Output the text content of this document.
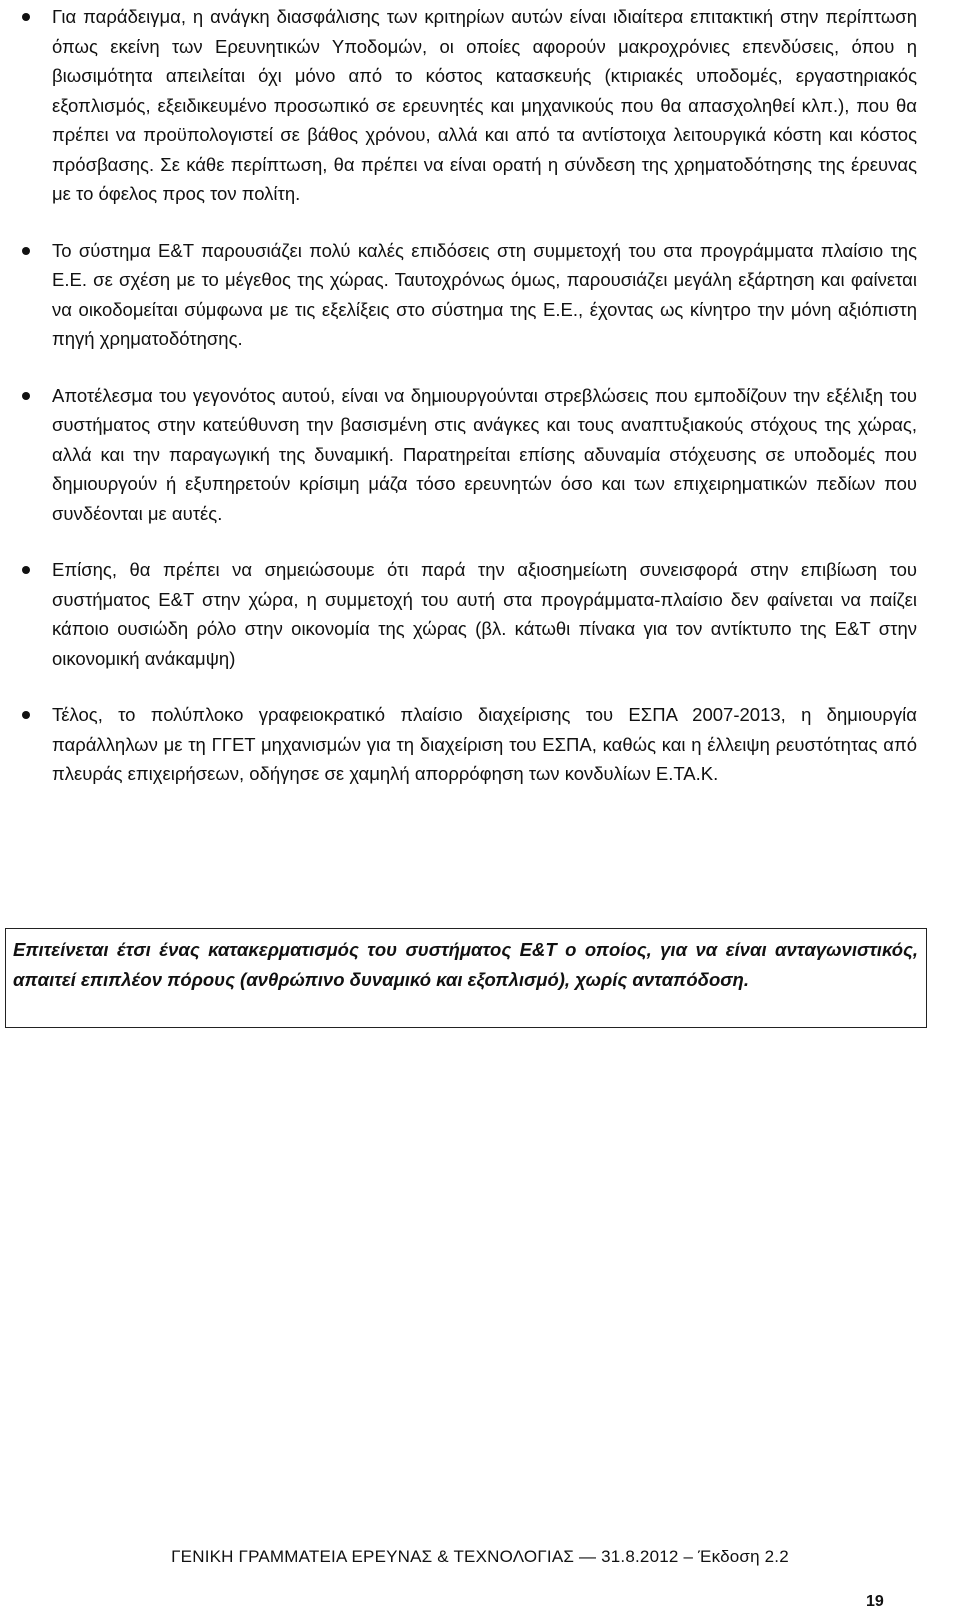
Για παράδειγμα, η ανάγκη διασφάλισης των κριτηρίων αυτών είναι ιδιαίτερα επιτακτική στην περίπτωση όπως εκείνη των Ερευνητικών Υποδομών, οι οποίες αφορούν μακροχρόνιες επενδύσεις, όπου η βιωσιμότητα απειλείται όχι μόνο από το κόστος κατασκευής (κτιριακές υποδομές, εργαστηριακός εξοπλισμός, εξειδικευμένο προσωπικό σε ερευνητές και μηχανικούς που θα απασχοληθεί κλπ.), που θα πρέπει να προϋπολογιστεί σε βάθος χρόνου, αλλά και από τα αντίστοιχα λειτουργικά κόστη και κόστος πρόσβασης. Σε κάθε περίπτωση, θα πρέπει να είναι ορατή η σύνδεση της χρηματοδότησης της έρευνας με το όφελος προς τον πολίτη.
Το σύστημα Ε&Τ παρουσιάζει πολύ καλές επιδόσεις στη συμμετοχή του στα προγράμματα πλαίσιο της Ε.Ε. σε σχέση με το μέγεθος της χώρας. Ταυτοχρόνως όμως, παρουσιάζει μεγάλη εξάρτηση και φαίνεται να οικοδομείται σύμφωνα με τις εξελίξεις στο σύστημα της Ε.Ε., έχοντας ως κίνητρο την μόνη αξιόπιστη πηγή χρηματοδότησης.
Αποτέλεσμα του γεγονότος αυτού, είναι να δημιουργούνται στρεβλώσεις που εμποδίζουν την εξέλιξη του συστήματος στην κατεύθυνση την βασισμένη στις ανάγκες και τους αναπτυξιακούς στόχους της χώρας, αλλά και την παραγωγική της δυναμική. Παρατηρείται επίσης αδυναμία στόχευσης σε υποδομές που δημιουργούν ή εξυπηρετούν κρίσιμη μάζα τόσο ερευνητών όσο και των επιχειρηματικών πεδίων που συνδέονται με αυτές.
Επίσης, θα πρέπει να σημειώσουμε ότι παρά την αξιοσημείωτη συνεισφορά στην επιβίωση του συστήματος Ε&Τ στην χώρα, η συμμετοχή του αυτή στα προγράμματα-πλαίσιο δεν φαίνεται να παίζει κάποιο ουσιώδη ρόλο στην οικονομία της χώρας (βλ. κάτωθι πίνακα για τον αντίκτυπο της Ε&Τ στην οικονομική ανάκαμψη)
Τέλος, το πολύπλοκο γραφειοκρατικό πλαίσιο διαχείρισης του ΕΣΠΑ 2007-2013, η δημιουργία παράλληλων με τη ΓΓΕΤ μηχανισμών για τη διαχείριση του ΕΣΠΑ, καθώς και η έλλειψη ρευστότητας από πλευράς επιχειρήσεων, οδήγησε σε χαμηλή απορρόφηση των κονδυλίων Ε.ΤΑ.Κ.
Επιτείνεται έτσι ένας κατακερματισμός του συστήματος Ε&Τ ο οποίος, για να είναι ανταγωνιστικός, απαιτεί επιπλέον πόρους (ανθρώπινο δυναμικό και εξοπλισμό), χωρίς ανταπόδοση.
ΓΕΝΙΚΗ ΓΡΑΜΜΑΤΕΙΑ ΕΡΕΥΝΑΣ & ΤΕΧΝΟΛΟΓΙΑΣ — 31.8.2012 – Έκδοση 2.2
19
